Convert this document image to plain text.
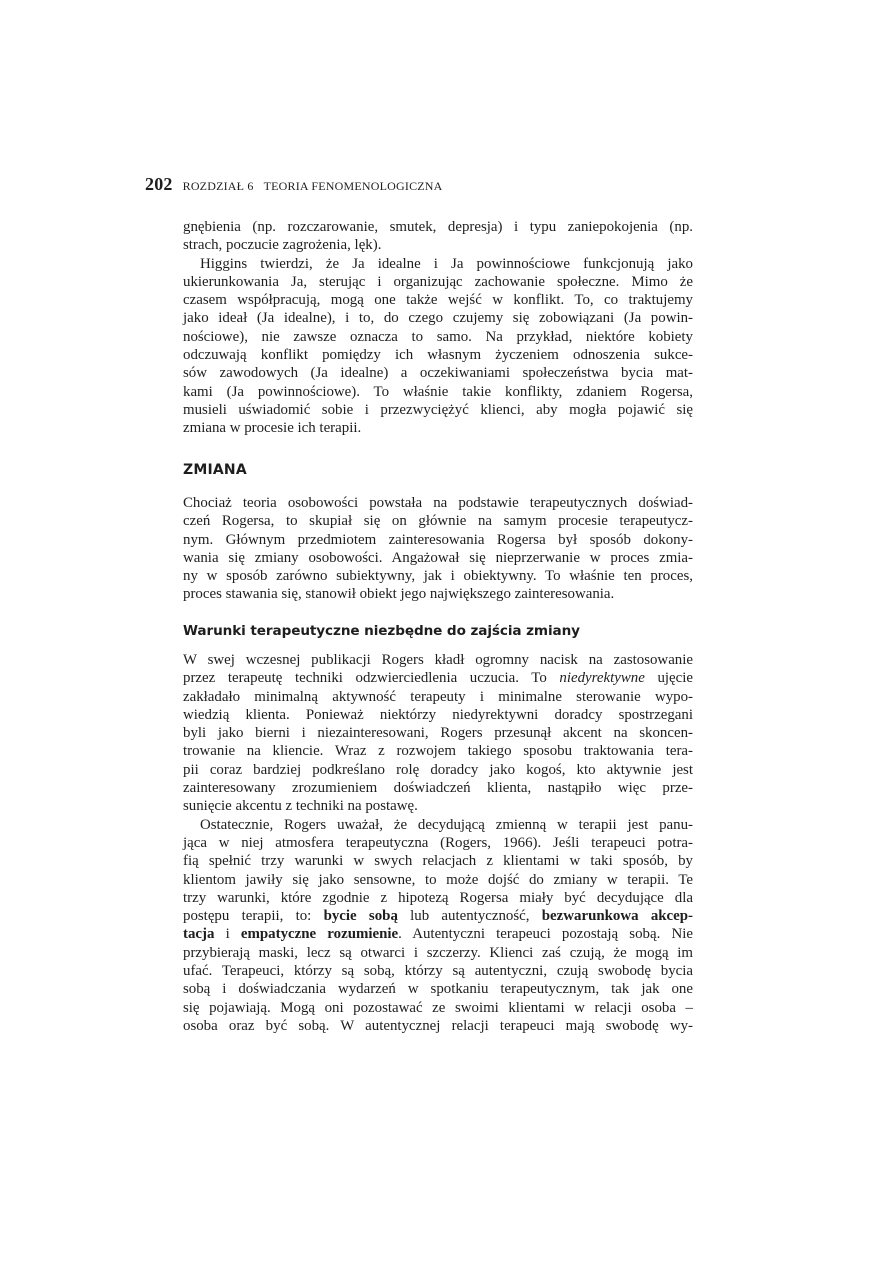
202 ROZDZIAŁ 6 TEORIA FENOMENOLOGICZNA
gnębienia (np. rozczarowanie, smutek, depresja) i typu zaniepokojenia (np.
strach, poczucie zagrożenia, lęk).
Higgins twierdzi, że Ja idealne i Ja powinnościowe funkcjonują jako
ukierunkowania Ja, sterując i organizując zachowanie społeczne. Mimo że
czasem współpracują, mogą one także wejść w konflikt. To, co traktujemy
jako ideał (Ja idealne), i to, do czego czujemy się zobowiązani (Ja powin-
nościowe), nie zawsze oznacza to samo. Na przykład, niektóre kobiety
odczuwają konflikt pomiędzy ich własnym życzeniem odnoszenia sukce-
sów zawodowych (Ja idealne) a oczekiwaniami społeczeństwa bycia mat-
kami (Ja powinnościowe). To właśnie takie konflikty, zdaniem Rogersa,
musieli uświadomić sobie i przezwyciężyć klienci, aby mogła pojawić się
zmiana w procesie ich terapii.
ZMIANA
Chociaż teoria osobowości powstała na podstawie terapeutycznych doświad-
czeń Rogersa, to skupiał się on głównie na samym procesie terapeutycz-
nym. Głównym przedmiotem zainteresowania Rogersa był sposób dokony-
wania się zmiany osobowości. Angażował się nieprzerwanie w proces zmia-
ny w sposób zarówno subiektywny, jak i obiektywny. To właśnie ten proces,
proces stawania się, stanowił obiekt jego największego zainteresowania.
Warunki terapeutyczne niezbędne do zajścia zmiany
W swej wczesnej publikacji Rogers kładł ogromny nacisk na zastosowanie
przez terapeutę techniki odzwierciedlenia uczucia. To niedyrektywne ujęcie
zakładało minimalną aktywność terapeuty i minimalne sterowanie wypo-
wiedzią klienta. Ponieważ niektórzy niedyrektywni doradcy spostrzegani
byli jako bierni i niezainteresowani, Rogers przesunął akcent na skoncen-
trowanie na kliencie. Wraz z rozwojem takiego sposobu traktowania tera-
pii coraz bardziej podkreślano rolę doradcy jako kogoś, kto aktywnie jest
zainteresowany zrozumieniem doświadczeń klienta, nastąpiło więc prze-
sunięcie akcentu z techniki na postawę.
Ostatecznie, Rogers uważał, że decydującą zmienną w terapii jest panu-
jąca w niej atmosfera terapeutyczna (Rogers, 1966). Jeśli terapeuci potra-
fią spełnić trzy warunki w swych relacjach z klientami w taki sposób, by
klientom jawiły się jako sensowne, to może dojść do zmiany w terapii. Te
trzy warunki, które zgodnie z hipotezą Rogersa miały być decydujące dla
postępu terapii, to: bycie sobą lub autentyczność, bezwarunkowa akcep-
tacja i empatyczne rozumienie. Autentyczni terapeuci pozostają sobą. Nie
przybierają maski, lecz są otwarci i szczerzy. Klienci zaś czują, że mogą im
ufać. Terapeuci, którzy są sobą, którzy są autentyczni, czują swobodę bycia
sobą i doświadczania wydarzeń w spotkaniu terapeutycznym, tak jak one
się pojawiają. Mogą oni pozostawać ze swoimi klientami w relacji osoba –
osoba oraz być sobą. W autentycznej relacji terapeuci mają swobodę wy-
